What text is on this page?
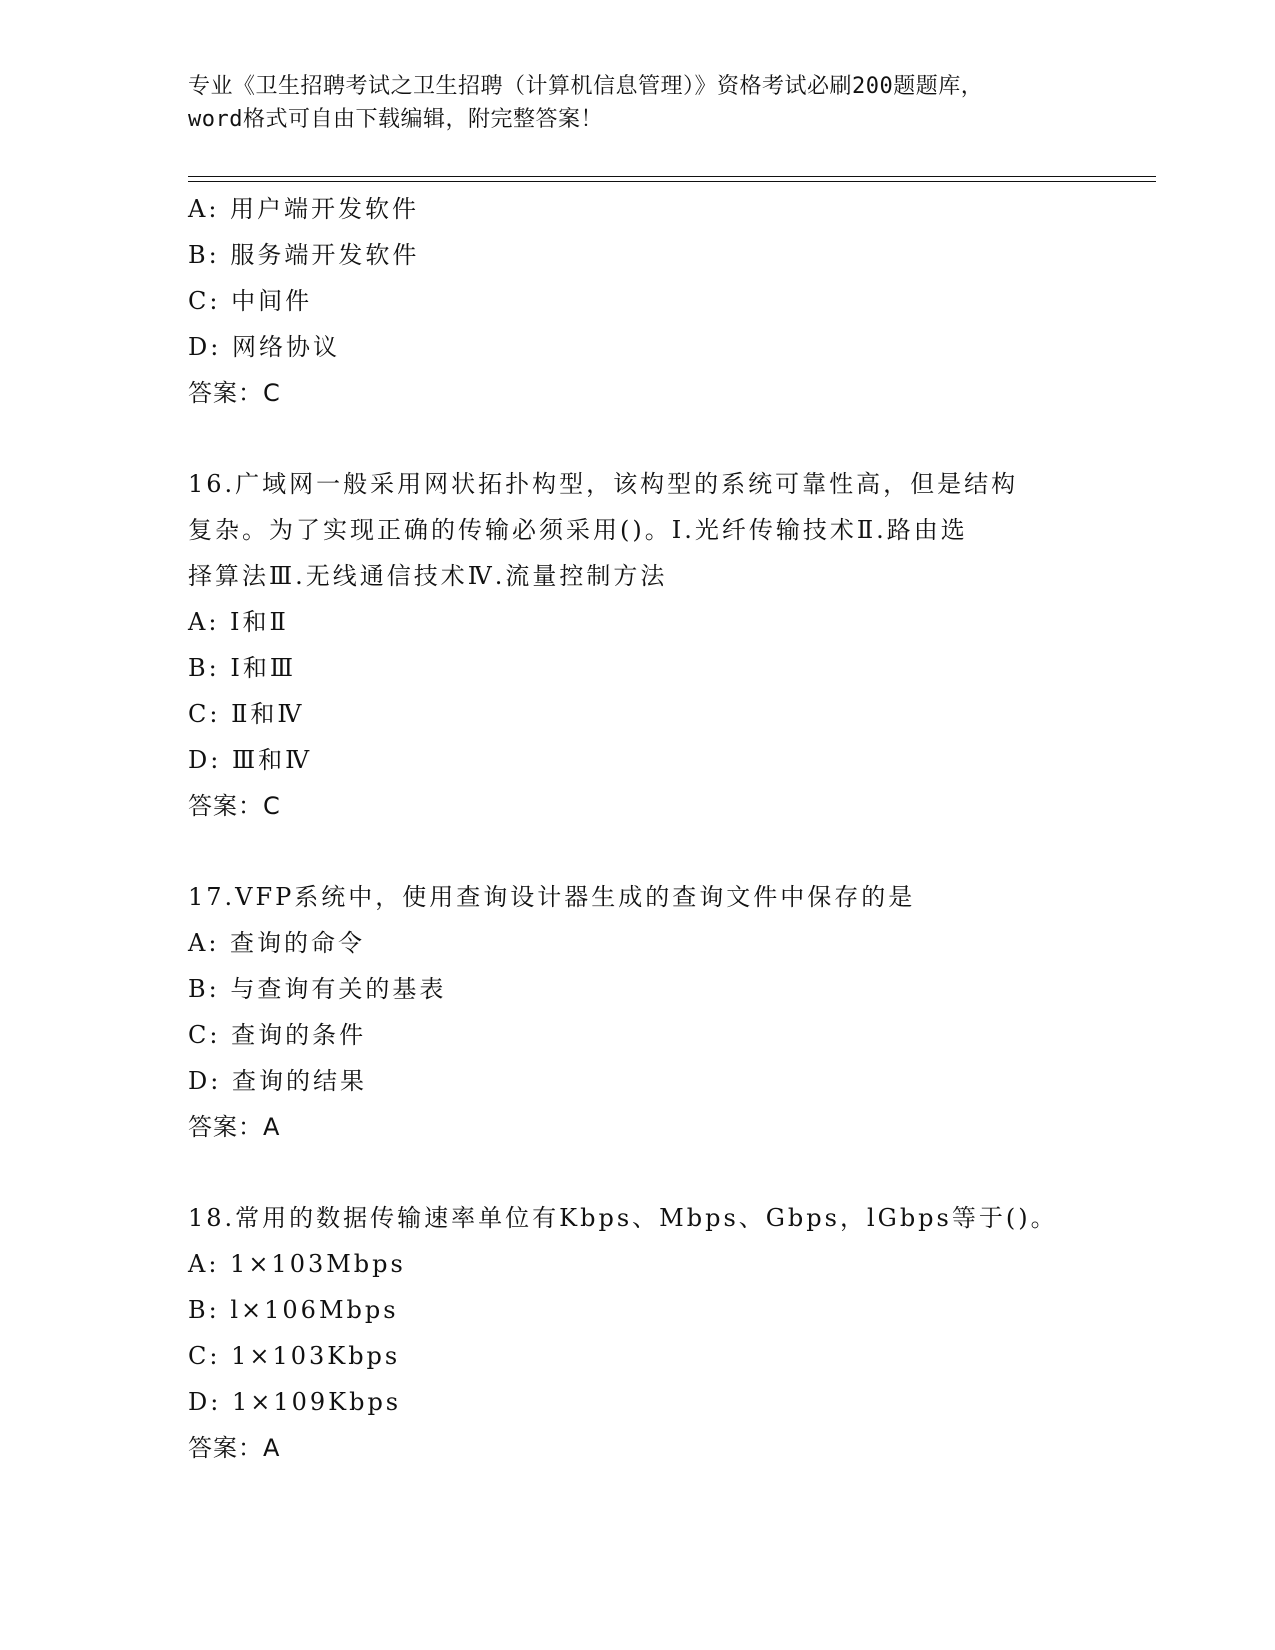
专业《卫生招聘考试之卫生招聘（计算机信息管理）》资格考试必刷200题题库，
word格式可自由下载编辑，附完整答案！
A: 用户端开发软件
B: 服务端开发软件
C: 中间件
D: 网络协议
答案：C
16.广域网一般采用网状拓扑构型，该构型的系统可靠性高，但是结构
复杂。为了实现正确的传输必须采用()。Ⅰ.光纤传输技术Ⅱ.路由选
择算法Ⅲ.无线通信技术Ⅳ.流量控制方法
A: Ⅰ和Ⅱ
B: Ⅰ和Ⅲ
C: Ⅱ和Ⅳ
D: Ⅲ和Ⅳ
答案：C
17.VFP系统中，使用查询设计器生成的查询文件中保存的是
A: 查询的命令
B: 与查询有关的基表
C: 查询的条件
D: 查询的结果
答案：A
18.常用的数据传输速率单位有Kbps、Mbps、Gbps，lGbps等于()。
A: 1×103Mbps
B: l×106Mbps
C: 1×103Kbps
D: 1×109Kbps
答案：A
